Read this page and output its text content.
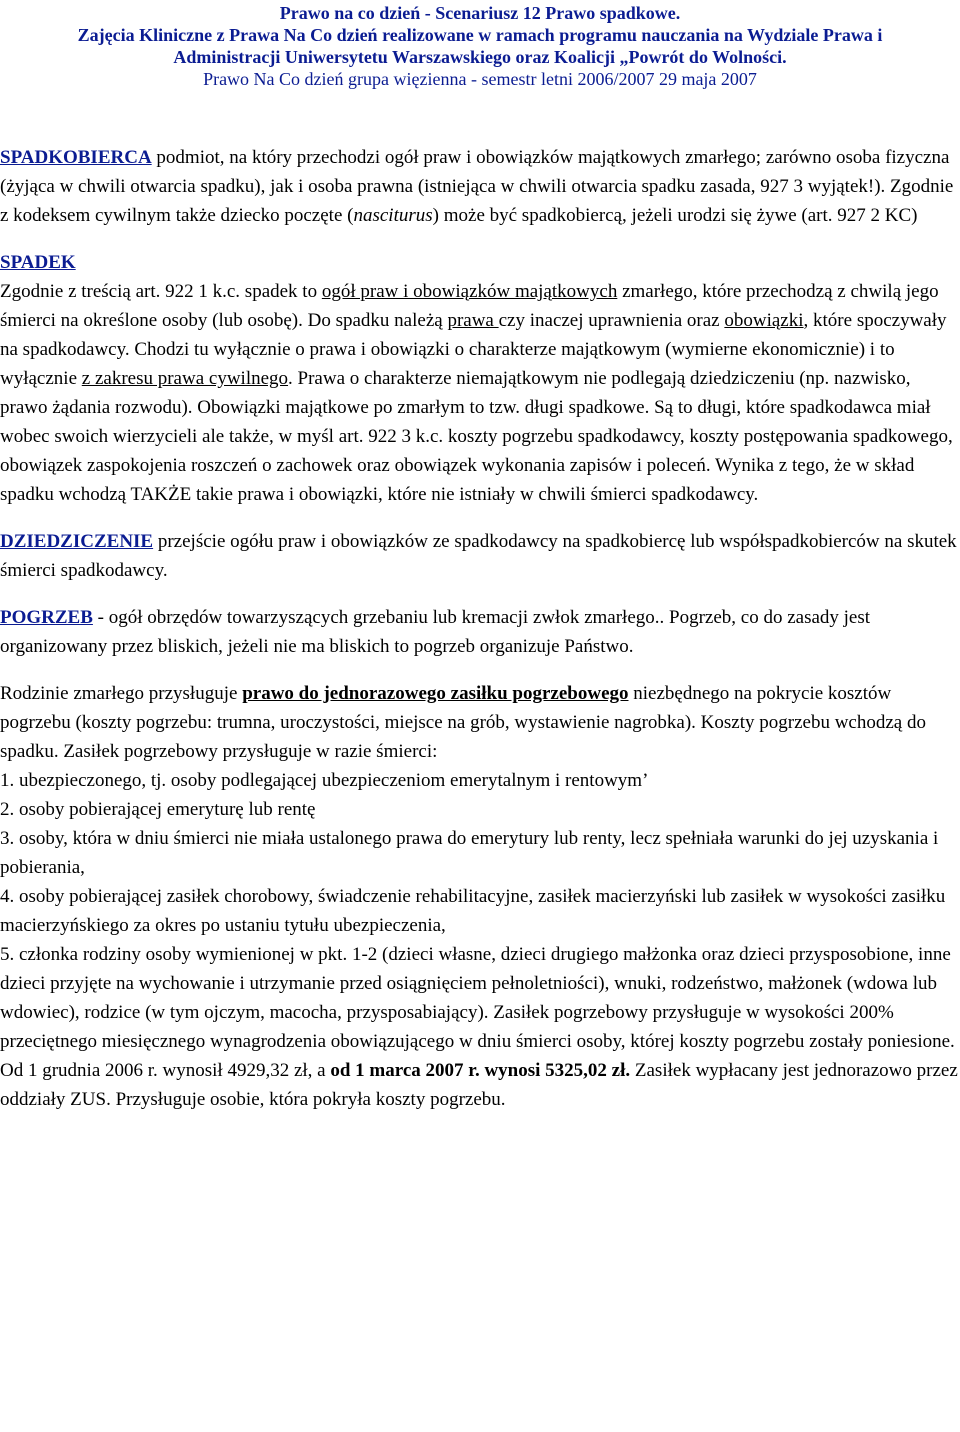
Prawo na co dzień - Scenariusz 12 Prawo spadkowe.
Zajęcia Kliniczne z Prawa Na Co dzień realizowane w ramach programu nauczania na Wydziale Prawa i
Administracji Uniwersytetu Warszawskiego oraz Koalicji „Powrót do Wolności.
Prawo Na Co dzień grupa więzienna - semestr letni 2006/2007 29 maja 2007

SPADKOBIERCA podmiot, na który przechodzi ogół praw i obowiązków majątkowych zmarłego; zarówno osoba fizyczna (żyjąca w chwili otwarcia spadku), jak i osoba prawna (istniejąca w chwili otwarcia spadku zasada, 927 3 wyjątek!). Zgodnie z kodeksem cywilnym także dziecko poczęte (nasciturus) może być spadkobiercą, jeżeli urodzi się żywe (art. 927 2 KC)

SPADEK
Zgodnie z treścią art. 922 1 k.c. spadek to ogół praw i obowiązków majątkowych zmarłego, które przechodzą z chwilą jego śmierci na określone osoby (lub osobę). Do spadku należą prawa czy inaczej uprawnienia oraz obowiązki, które spoczywały na spadkodawcy. Chodzi tu wyłącznie o prawa i obowiązki o charakterze majątkowym (wymierne ekonomicznie) i to wyłącznie z zakresu prawa cywilnego. Prawa o charakterze niemajątkowym nie podlegają dziedziczeniu (np. nazwisko, prawo żądania rozwodu). Obowiązki majątkowe po zmarłym to tzw. długi spadkowe. Są to długi, które spadkodawca miał wobec swoich wierzycieli ale także, w myśl art. 922 3 k.c. koszty pogrzebu spadkodawcy, koszty postępowania spadkowego, obowiązek zaspokojenia roszczeń o zachowek oraz obowiązek wykonania zapisów i poleceń. Wynika z tego, że w skład spadku wchodzą TAKŻE takie prawa i obowiązki, które nie istniały w chwili śmierci spadkodawcy.

DZIEDZICZENIE przejście ogółu praw i obowiązków ze spadkodawcy na spadkobiercę lub współspadkobierców na skutek śmierci spadkodawcy.

POGRZEB - ogół obrzędów towarzyszących grzebaniu lub kremacji zwłok zmarłego.. Pogrzeb, co do zasady jest organizowany przez bliskich, jeżeli nie ma bliskich to pogrzeb organizuje Państwo.

Rodzinie zmarłego przysługuje prawo do jednorazowego zasiłku pogrzebowego niezbędnego na pokrycie kosztów pogrzebu (koszty pogrzebu: trumna, uroczystości, miejsce na grób, wystawienie nagrobka). Koszty pogrzebu wchodzą do spadku. Zasiłek pogrzebowy przysługuje w razie śmierci:
1. ubezpieczonego, tj. osoby podlegającej ubezpieczeniom emerytalnym i rentowym’
2. osoby pobierającej emeryturę lub rentę
3. osoby, która w dniu śmierci nie miała ustalonego prawa do emerytury lub renty, lecz spełniała warunki do jej uzyskania i pobierania,
4. osoby pobierającej zasiłek chorobowy, świadczenie rehabilitacyjne, zasiłek macierzyński lub zasiłek w wysokości zasiłku macierzyńskiego za okres po ustaniu tytułu ubezpieczenia,
5. członka rodziny osoby wymienionej w pkt. 1-2 (dzieci własne, dzieci drugiego małżonka oraz dzieci przysposobione, inne dzieci przyjęte na wychowanie i utrzymanie przed osiągnięciem pełnoletniości), wnuki, rodzeństwo, małżonek (wdowa lub wdowiec), rodzice (w tym ojczym, macocha, przysposabiający). Zasiłek pogrzebowy przysługuje w wysokości 200% przeciętnego miesięcznego wynagrodzenia obowiązującego w dniu śmierci osoby, której koszty pogrzebu zostały poniesione. Od 1 grudnia 2006 r. wynosił 4929,32 zł, a od 1 marca 2007 r. wynosi 5325,02 zł. Zasiłek wypłacany jest jednorazowo przez oddziały ZUS. Przysługuje osobie, która pokryła koszty pogrzebu.
